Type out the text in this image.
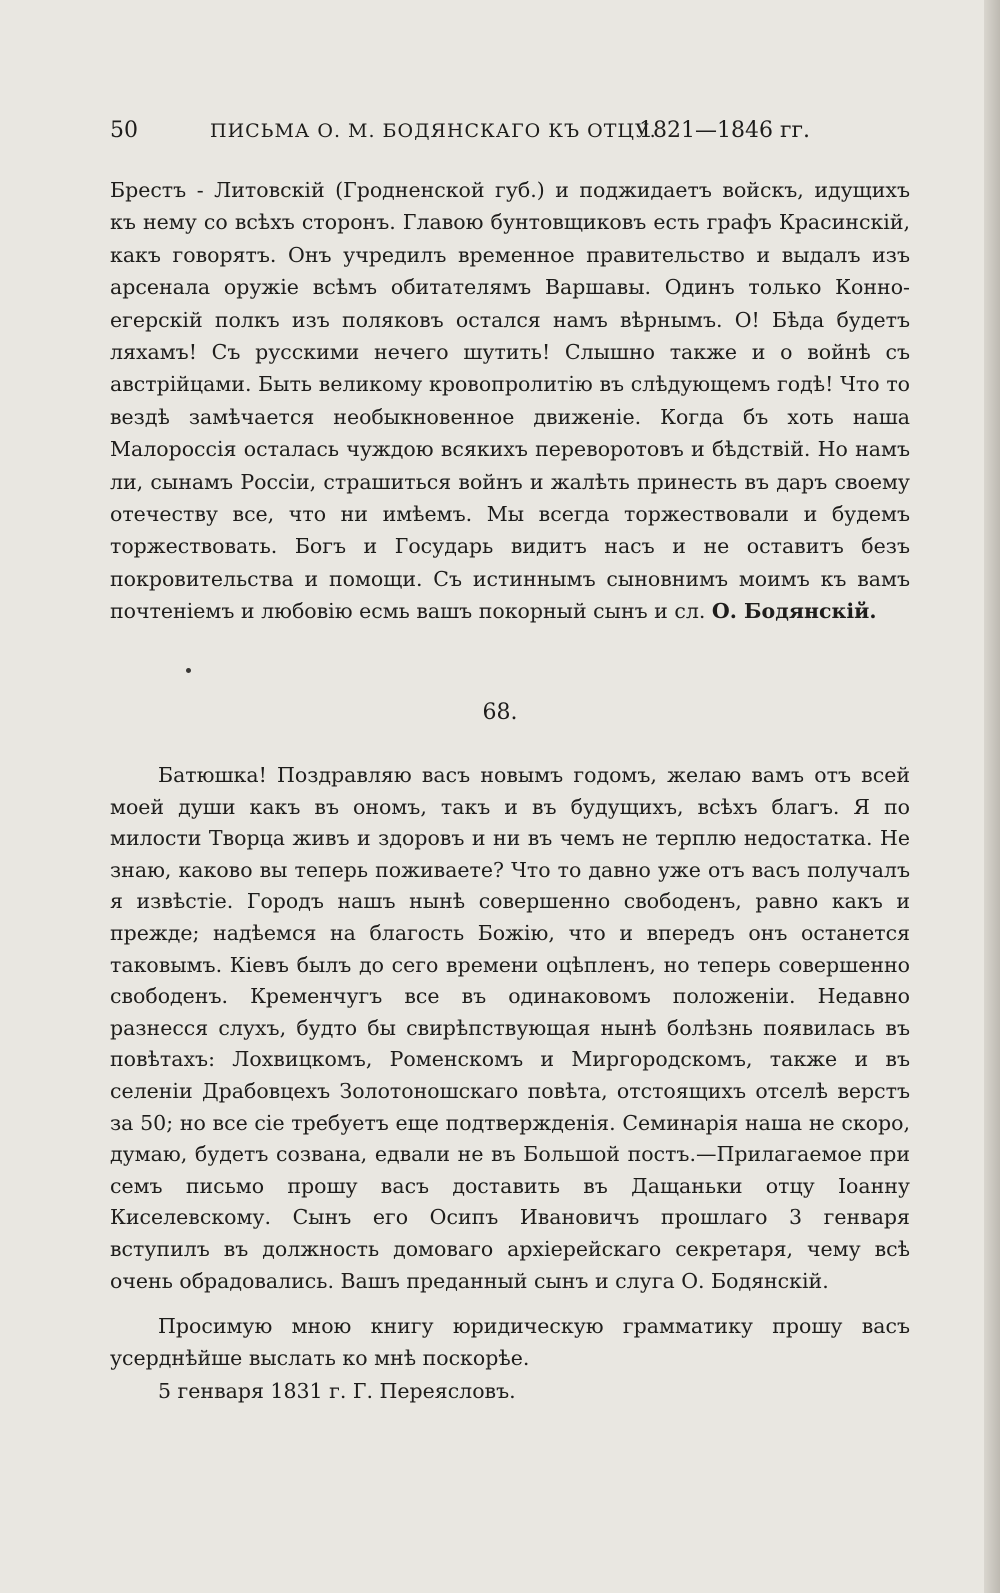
50	ПИСЬМА О. М. БОДЯНСКАГО КЪ ОТЦУ.
1821—1846 гг.

Брестъ - Литовскій (Гродненской губ.) и поджидаетъ войскъ, идущихъ къ нему со всѣхъ сторонъ. Главою бунтовщиковъ есть графъ Красинскій, какъ говорятъ. Онъ учредилъ временное правительство и выдалъ изъ арсенала оружіе всѣмъ обитателямъ Варшавы. Одинъ только Конно-егерскій полкъ изъ поляковъ остался намъ вѣрнымъ. О! Бѣда будетъ ляхамъ! Съ русскими нечего шутить! Слышно также и о войнѣ съ австрійцами. Быть великому кровопролитію въ слѣдующемъ годѣ! Что то вездѣ замѣчается необыкновенное движеніе. Когда бъ хоть наша Малороссія осталась чуждою всякихъ переворотовъ и бѣдствій. Но намъ ли, сынамъ Россіи, страшиться войнъ и жалѣть принесть въ даръ своему отечеству все, что ни имѣемъ. Мы всегда торжествовали и будемъ торжествовать. Богъ и Государь видитъ насъ и не оставитъ безъ покровительства и помощи. Съ истиннымъ сыновнимъ моимъ къ вамъ почтеніемъ и любовію есмь вашъ покорный сынъ и сл. О. Бодянскій.

68.

Батюшка! Поздравляю васъ новымъ годомъ, желаю вамъ отъ всей моей души какъ въ ономъ, такъ и въ будущихъ, всѣхъ благъ. Я по милости Творца живъ и здоровъ и ни въ чемъ не терплю недостатка. Не знаю, каково вы теперь поживаете? Что то давно уже отъ васъ получалъ я извѣстіе. Городъ нашъ нынѣ совершенно свободенъ, равно какъ и прежде; надѣемся на благость Божію, что и впередъ онъ останется таковымъ. Кіевъ былъ до сего времени оцѣпленъ, но теперь совершенно свободенъ. Кременчугъ все въ одинаковомъ положеніи. Недавно разнесся слухъ, будто бы свирѣпствующая нынѣ болѣзнь появилась въ повѣтахъ: Лохвицкомъ, Роменскомъ и Миргородскомъ, также и въ селеніи Драбовцехъ Золотоношскаго повѣта, отстоящихъ отселѣ верстъ за 50; но все сіе требуетъ еще подтвержденія. Семинарія наша не скоро, думаю, будетъ созвана, едвали не въ Большой постъ.—Прилагаемое при семъ письмо прошу васъ доставить въ Дащаньки отцу Іоанну Киселевскому. Сынъ его Осипъ Ивановичъ прошлаго 3 генваря вступилъ въ должность домоваго архіерейскаго секретаря, чему всѣ очень обрадовались. Вашъ преданный сынъ и слуга О. Бодянскій.

Просимую мною книгу юридическую грамматику прошу васъ усерднѣйше выслать ко мнѣ поскорѣе.

5 генваря 1831 г. Г. Переясловъ.
